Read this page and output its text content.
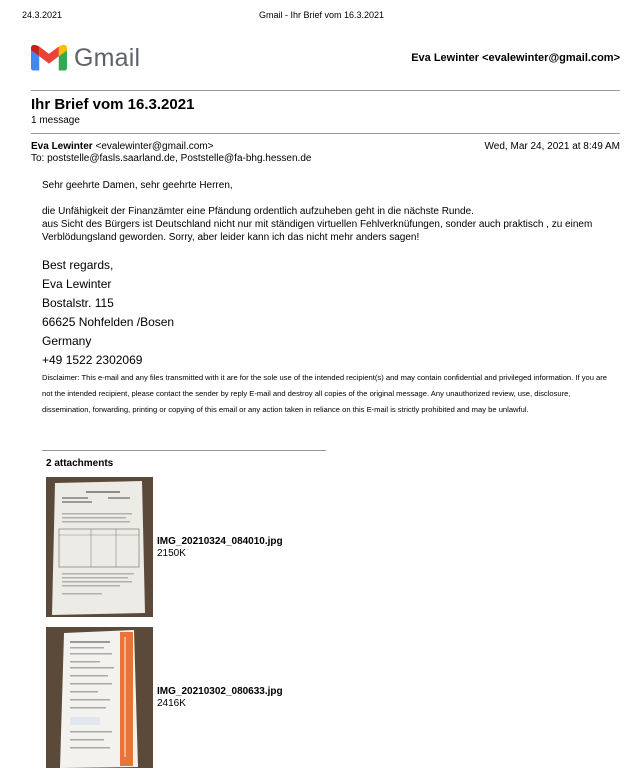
24.3.2021	Gmail - Ihr Brief vom 16.3.2021
Gmail	Eva Lewinter <evalewinter@gmail.com>
Ihr Brief vom 16.3.2021
1 message
Eva Lewinter <evalewinter@gmail.com>	Wed, Mar 24, 2021 at 8:49 AM
To: poststelle@fasls.saarland.de, Poststelle@fa-bhg.hessen.de

Sehr geehrte Damen, sehr geehrte Herren,

die Unfähigkeit der Finanzämter eine Pfändung ordentlich aufzuheben geht in die nächste Runde.

aus Sicht des Bürgers ist Deutschland nicht nur mit ständigen virtuellen Fehlverknüfungen, sonder auch praktisch , zu einem Verblödungsland geworden. Sorry, aber leider kann ich das nicht mehr anders sagen!

Best regards,
Eva Lewinter
Bostalstr. 115
66625 Nohfelden /Bosen
Germany
+49 1522 2302069

Disclaimer: This e-mail and any files transmitted with it are for the sole use of the intended recipient(s) and may contain confidential and privileged information. If you are not the intended recipient, please contact the sender by reply E-mail and destroy all copies of the original message. Any unauthorized review, use, disclosure, dissemination, forwarding, printing or copying of this email or any action taken in reliance on this E-mail is strictly prohibited and may be unlawful.

2 attachments
IMG_20210324_084010.jpg
2150K
IMG_20210302_080633.jpg
2416K
